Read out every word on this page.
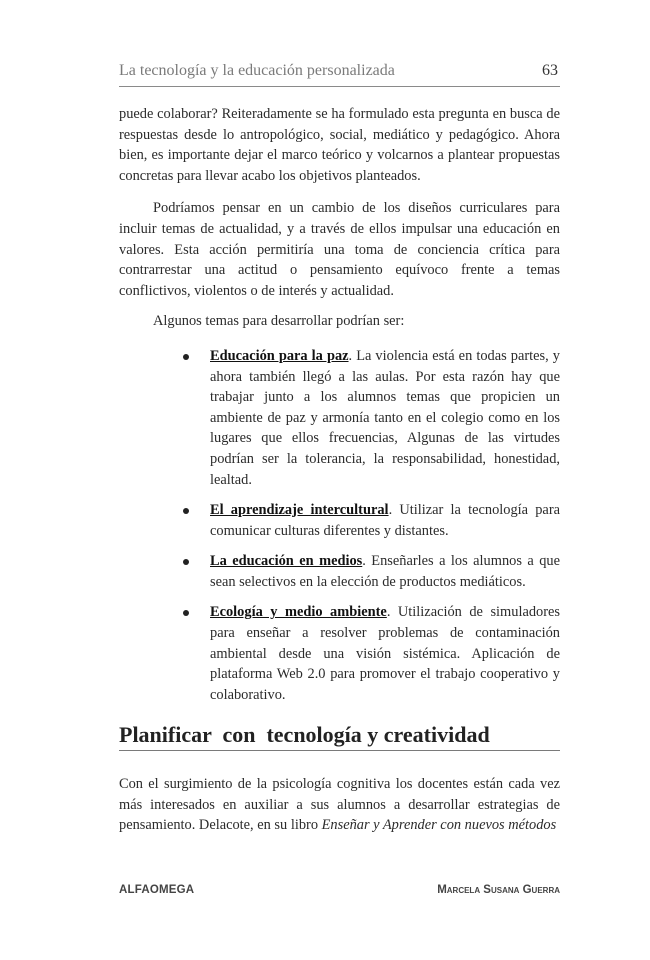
La tecnología y la educación personalizada	63

puede colaborar? Reiteradamente se ha formulado esta pregunta en busca de respuestas desde lo antropológico, social, mediático y pedagógico. Ahora bien, es importante dejar el marco teórico y volcarnos a plantear propuestas concretas para llevar acabo los objetivos planteados.

Podríamos pensar en un cambio de los diseños curriculares para incluir temas de actualidad, y a través de ellos impulsar una educación en valores. Esta acción permitiría una toma de conciencia crítica para contrarrestar una actitud o pensamiento equívoco frente a temas conflictivos, violentos o de interés y actualidad.

Algunos temas para desarrollar podrían ser:

Educación para la paz. La violencia está en todas partes, y ahora también llegó a las aulas. Por esta razón hay que trabajar junto a los alumnos temas que propicien un ambiente de paz y armonía tanto en el colegio como en los lugares que ellos frecuencias, Algunas de las virtudes podrían ser la tolerancia, la responsabilidad, honestidad, lealtad.
El aprendizaje intercultural. Utilizar la tecnología para comunicar culturas diferentes y distantes.
La educación en medios. Enseñarles a los alumnos a que sean selectivos en la elección de productos mediáticos.
Ecología y medio ambiente. Utilización de simuladores para enseñar a resolver problemas de contaminación ambiental desde una visión sistémica. Aplicación de plataforma Web 2.0 para promover el trabajo cooperativo y colaborativo.
Planificar  con  tecnología y creatividad

Con el surgimiento de la psicología cognitiva los docentes están cada vez más interesados en auxiliar a sus alumnos a desarrollar estrategias de pensamiento. Delacote, en su libro Enseñar y Aprender con nuevos métodos

ALFAOMEGA	Marcela Susana Guerra
